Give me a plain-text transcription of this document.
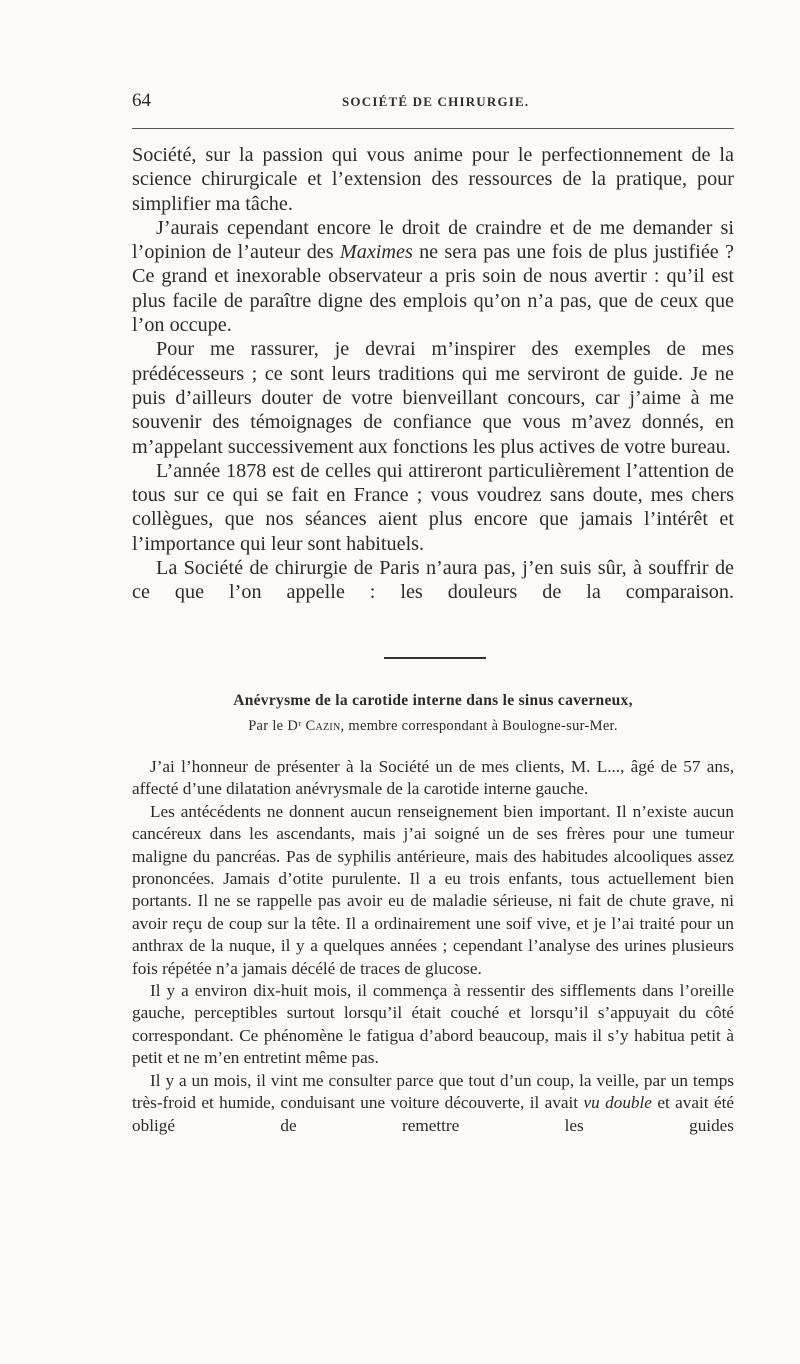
64	SOCIÉTÉ DE CHIRURGIE.

Société, sur la passion qui vous anime pour le perfectionnement de la science chirurgicale et l’extension des ressources de la pratique, pour simplifier ma tâche.

J’aurais cependant encore le droit de craindre et de me demander si l’opinion de l’auteur des Maximes ne sera pas une fois de plus justifiée ? Ce grand et inexorable observateur a pris soin de nous avertir : qu’il est plus facile de paraître digne des emplois qu’on n’a pas, que de ceux que l’on occupe.

Pour me rassurer, je devrai m’inspirer des exemples de mes prédécesseurs ; ce sont leurs traditions qui me serviront de guide. Je ne puis d’ailleurs douter de votre bienveillant concours, car j’aime à me souvenir des témoignages de confiance que vous m’avez donnés, en m’appelant successivement aux fonctions les plus actives de votre bureau.

L’année 1878 est de celles qui attireront particulièrement l’attention de tous sur ce qui se fait en France ; vous voudrez sans doute, mes chers collègues, que nos séances aient plus encore que jamais l’intérêt et l’importance qui leur sont habituels.

La Société de chirurgie de Paris n’aura pas, j’en suis sûr, à souffrir de ce que l’on appelle : les douleurs de la comparaison.

Anévrysme de la carotide interne dans le sinus caverneux,
Par le Dʳ Cazin, membre correspondant à Boulogne-sur-Mer.

J’ai l’honneur de présenter à la Société un de mes clients, M. L..., âgé de 57 ans, affecté d’une dilatation anévrysmale de la carotide interne gauche.

Les antécédents ne donnent aucun renseignement bien important. Il n’existe aucun cancéreux dans les ascendants, mais j’ai soigné un de ses frères pour une tumeur maligne du pancréas. Pas de syphilis antérieure, mais des habitudes alcooliques assez prononcées. Jamais d’otite purulente. Il a eu trois enfants, tous actuellement bien portants. Il ne se rappelle pas avoir eu de maladie sérieuse, ni fait de chute grave, ni avoir reçu de coup sur la tête. Il a ordinairement une soif vive, et je l’ai traité pour un anthrax de la nuque, il y a quelques années ; cependant l’analyse des urines plusieurs fois répétée n’a jamais décélé de traces de glucose.

Il y a environ dix-huit mois, il commença à ressentir des sifflements dans l’oreille gauche, perceptibles surtout lorsqu’il était couché et lorsqu’il s’appuyait du côté correspondant. Ce phénomène le fatigua d’abord beaucoup, mais il s’y habitua petit à petit et ne m’en entretint même pas.

Il y a un mois, il vint me consulter parce que tout d’un coup, la veille, par un temps très-froid et humide, conduisant une voiture découverte, il avait vu double et avait été obligé de remettre les guides
